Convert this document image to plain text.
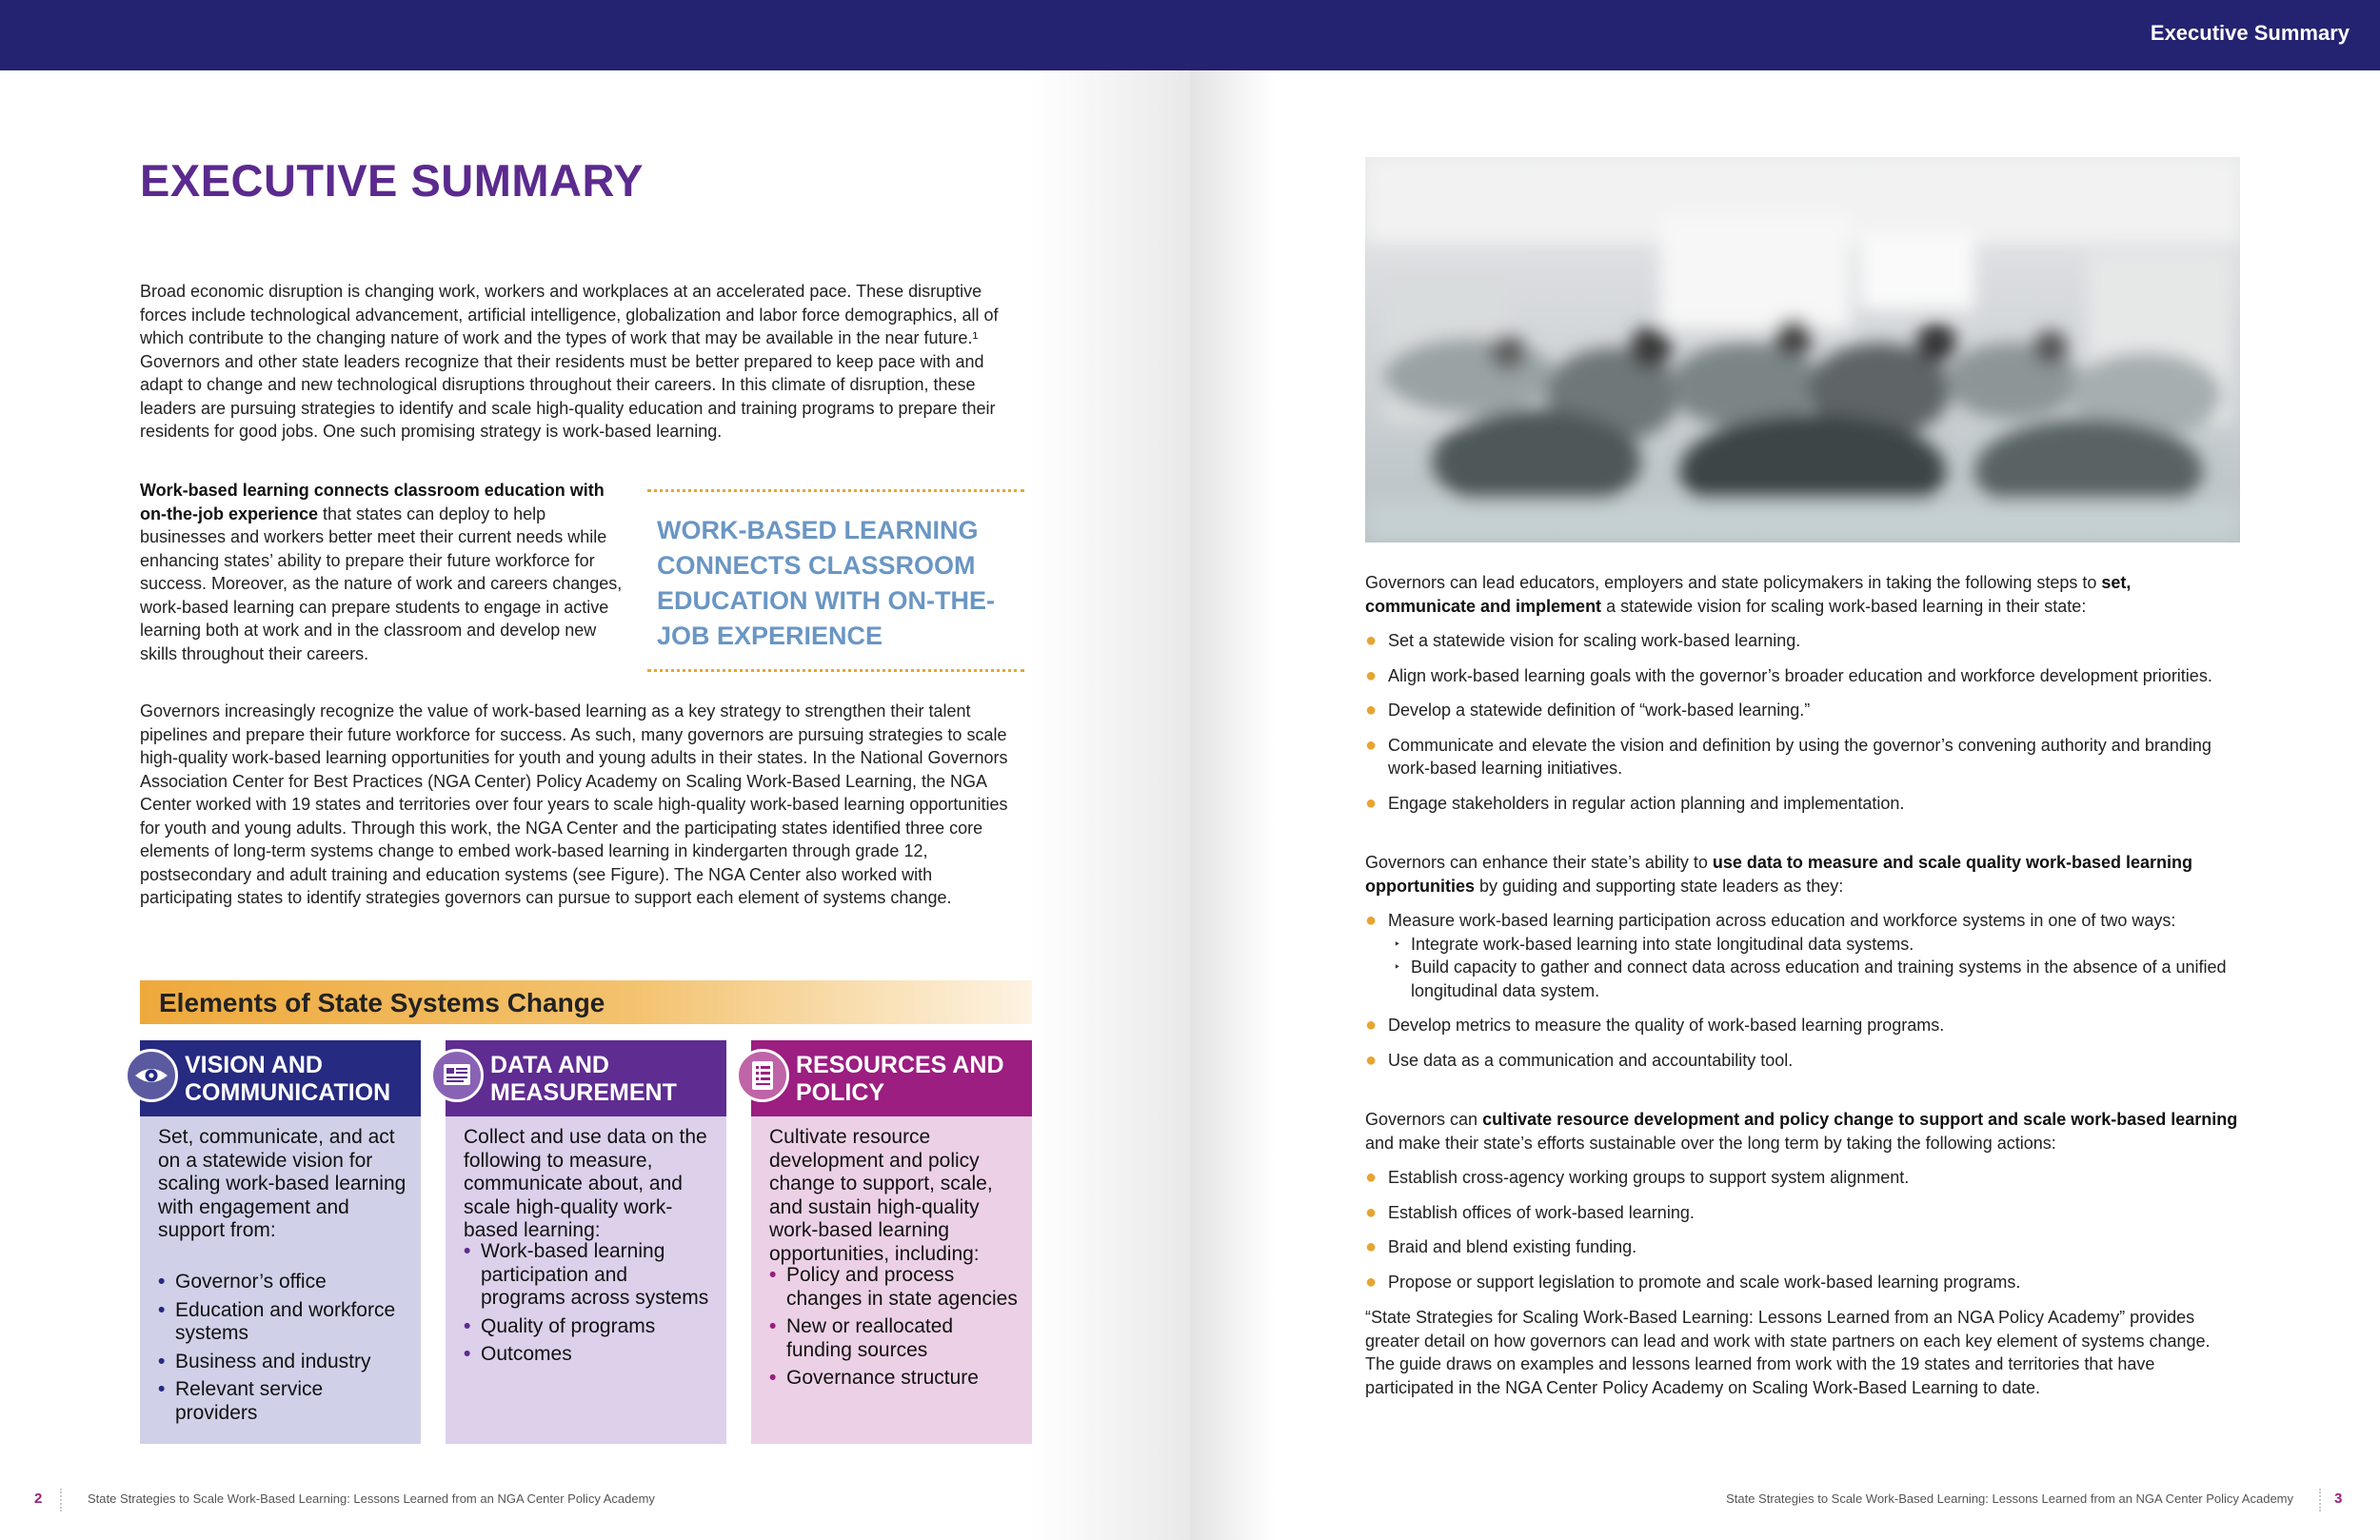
Executive Summary
EXECUTIVE SUMMARY
Broad economic disruption is changing work, workers and workplaces at an accelerated pace. These disruptive forces include technological advancement, artificial intelligence, globalization and labor force demographics, all of which contribute to the changing nature of work and the types of work that may be available in the near future.¹ Governors and other state leaders recognize that their residents must be better prepared to keep pace with and adapt to change and new technological disruptions throughout their careers. In this climate of disruption, these leaders are pursuing strategies to identify and scale high-quality education and training programs to prepare their residents for good jobs. One such promising strategy is work-based learning.
Work-based learning connects classroom education with on-the-job experience that states can deploy to help businesses and workers better meet their current needs while enhancing states’ ability to prepare their future workforce for success. Moreover, as the nature of work and careers changes, work-based learning can prepare students to engage in active learning both at work and in the classroom and develop new skills throughout their careers.
WORK-BASED LEARNING CONNECTS CLASSROOM EDUCATION WITH ON-THE-JOB EXPERIENCE
Governors increasingly recognize the value of work-based learning as a key strategy to strengthen their talent pipelines and prepare their future workforce for success. As such, many governors are pursuing strategies to scale high-quality work-based learning opportunities for youth and young adults in their states. In the National Governors Association Center for Best Practices (NGA Center) Policy Academy on Scaling Work-Based Learning, the NGA Center worked with 19 states and territories over four years to scale high-quality work-based learning opportunities for youth and young adults. Through this work, the NGA Center and the participating states identified three core elements of long-term systems change to embed work-based learning in kindergarten through grade 12, postsecondary and adult training and education systems (see Figure). The NGA Center also worked with participating states to identify strategies governors can pursue to support each element of systems change.
Elements of State Systems Change
VISION AND COMMUNICATION
Set, communicate, and act on a statewide vision for scaling work-based learning with engagement and support from:
• Governor’s office
• Education and workforce systems
• Business and industry
• Relevant service providers
DATA AND MEASUREMENT
Collect and use data on the following to measure, communicate about, and scale high-quality work-based learning:
• Work-based learning participation and programs across systems
• Quality of programs
• Outcomes
RESOURCES AND POLICY
Cultivate resource development and policy change to support, scale, and sustain high-quality work-based learning opportunities, including:
• Policy and process changes in state agencies
• New or reallocated funding sources
• Governance structure
Governors can lead educators, employers and state policymakers in taking the following steps to set, communicate and implement a statewide vision for scaling work-based learning in their state:
● Set a statewide vision for scaling work-based learning.
● Align work-based learning goals with the governor’s broader education and workforce development priorities.
● Develop a statewide definition of “work-based learning.”
● Communicate and elevate the vision and definition by using the governor’s convening authority and branding work-based learning initiatives.
● Engage stakeholders in regular action planning and implementation.
Governors can enhance their state’s ability to use data to measure and scale quality work-based learning opportunities by guiding and supporting state leaders as they:
● Measure work-based learning participation across education and workforce systems in one of two ways:
‣ Integrate work-based learning into state longitudinal data systems.
‣ Build capacity to gather and connect data across education and training systems in the absence of a unified longitudinal data system.
● Develop metrics to measure the quality of work-based learning programs.
● Use data as a communication and accountability tool.
Governors can cultivate resource development and policy change to support and scale work-based learning and make their state’s efforts sustainable over the long term by taking the following actions:
● Establish cross-agency working groups to support system alignment.
● Establish offices of work-based learning.
● Braid and blend existing funding.
● Propose or support legislation to promote and scale work-based learning programs.
“State Strategies for Scaling Work-Based Learning: Lessons Learned from an NGA Policy Academy” provides greater detail on how governors can lead and work with state partners on each key element of systems change. The guide draws on examples and lessons learned from work with the 19 states and territories that have participated in the NGA Center Policy Academy on Scaling Work-Based Learning to date.
2	State Strategies to Scale Work-Based Learning: Lessons Learned from an NGA Center Policy Academy	State Strategies to Scale Work-Based Learning: Lessons Learned from an NGA Center Policy Academy	3
